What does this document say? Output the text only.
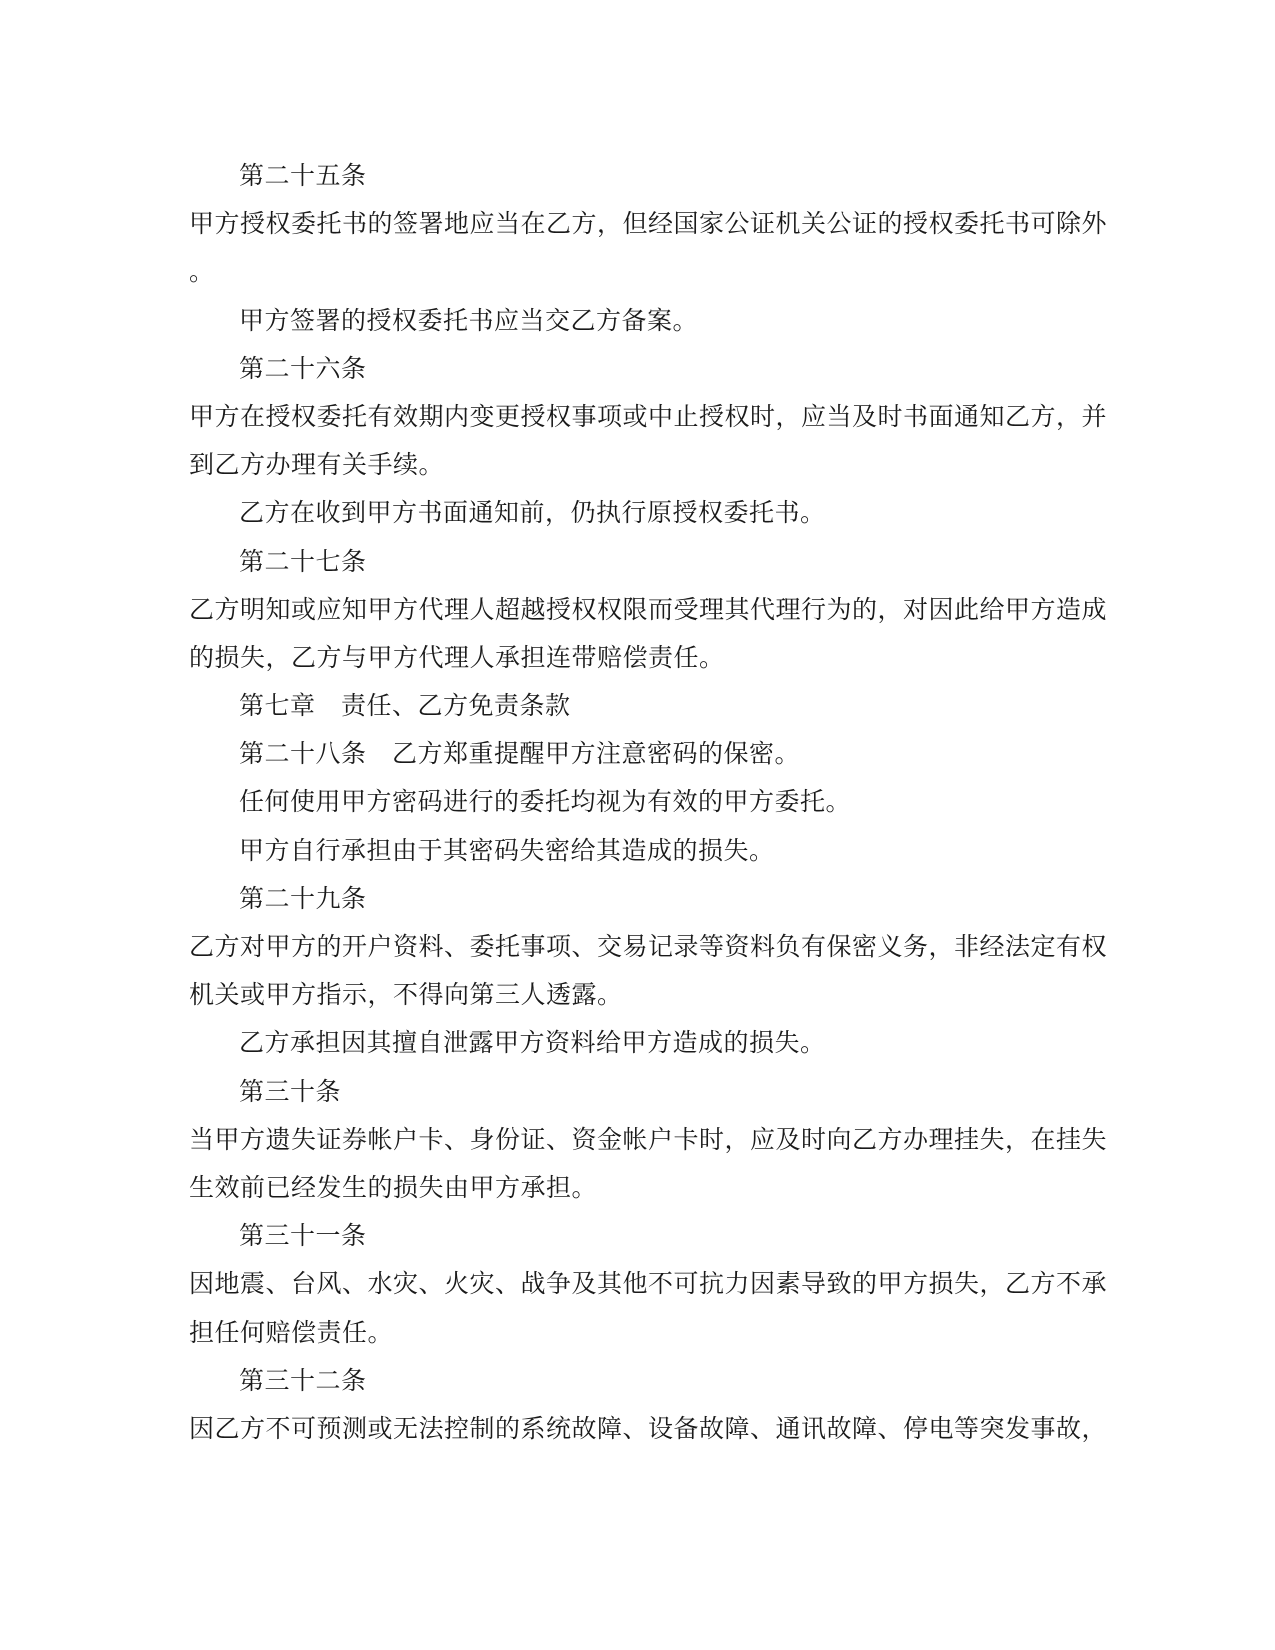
第二十五条
甲方授权委托书的签署地应当在乙方，但经国家公证机关公证的授权委托书可除外
。
甲方签署的授权委托书应当交乙方备案。
第二十六条
甲方在授权委托有效期内变更授权事项或中止授权时，应当及时书面通知乙方，并
到乙方办理有关手续。
乙方在收到甲方书面通知前，仍执行原授权委托书。
第二十七条
乙方明知或应知甲方代理人超越授权权限而受理其代理行为的，对因此给甲方造成
的损失，乙方与甲方代理人承担连带赔偿责任。
第七章　责任、乙方免责条款
第二十八条　乙方郑重提醒甲方注意密码的保密。
任何使用甲方密码进行的委托均视为有效的甲方委托。
甲方自行承担由于其密码失密给其造成的损失。
第二十九条
乙方对甲方的开户资料、委托事项、交易记录等资料负有保密义务，非经法定有权
机关或甲方指示，不得向第三人透露。
乙方承担因其擅自泄露甲方资料给甲方造成的损失。
第三十条
当甲方遗失证券帐户卡、身份证、资金帐户卡时，应及时向乙方办理挂失，在挂失
生效前已经发生的损失由甲方承担。
第三十一条
因地震、台风、水灾、火灾、战争及其他不可抗力因素导致的甲方损失，乙方不承
担任何赔偿责任。
第三十二条
因乙方不可预测或无法控制的系统故障、设备故障、通讯故障、停电等突发事故，
